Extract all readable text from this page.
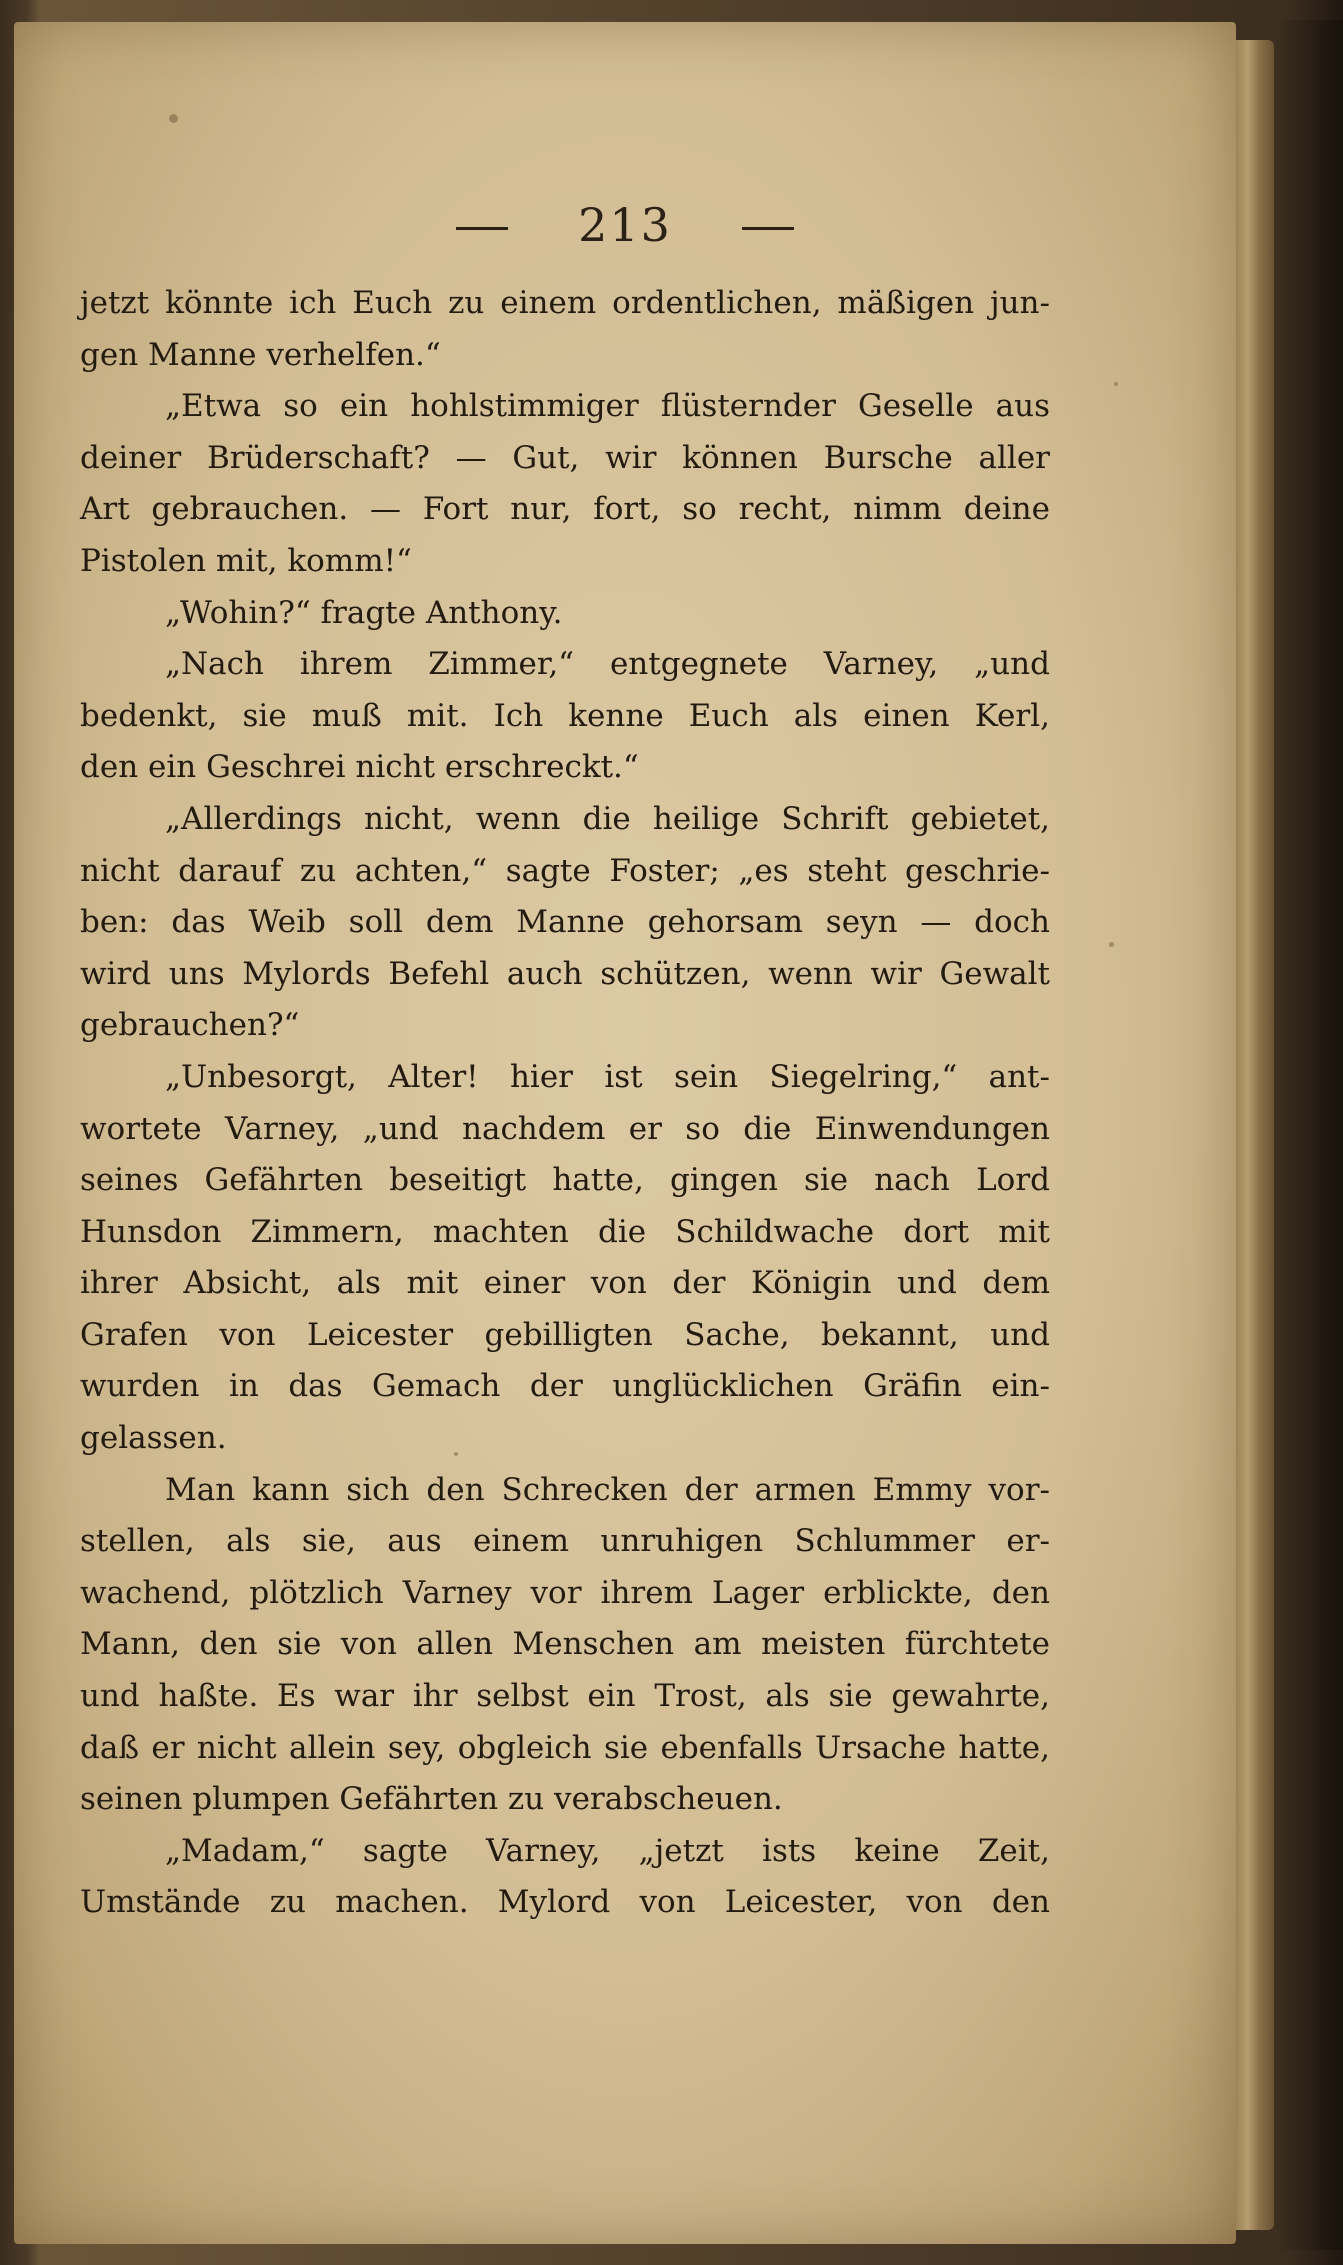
213
jetzt könnte ich Euch zu einem ordentlichen, mäßigen jun-
gen Manne verhelfen.“
„Etwa so ein hohlstimmiger flüsternder Geselle aus
deiner Brüderschaft? — Gut, wir können Bursche aller
Art gebrauchen. — Fort nur, fort, so recht, nimm deine
Pistolen mit, komm!“
„Wohin?“ fragte Anthony.
„Nach ihrem Zimmer,“ entgegnete Varney, „und
bedenkt, sie muß mit. Ich kenne Euch als einen Kerl,
den ein Geschrei nicht erschreckt.“
„Allerdings nicht, wenn die heilige Schrift gebietet,
nicht darauf zu achten,“ sagte Foster; „es steht geschrie-
ben: das Weib soll dem Manne gehorsam seyn — doch
wird uns Mylords Befehl auch schützen, wenn wir Gewalt
gebrauchen?“
„Unbesorgt, Alter! hier ist sein Siegelring,“ ant-
wortete Varney, „und nachdem er so die Einwendungen
seines Gefährten beseitigt hatte, gingen sie nach Lord
Hunsdon Zimmern, machten die Schildwache dort mit
ihrer Absicht, als mit einer von der Königin und dem
Grafen von Leicester gebilligten Sache, bekannt, und
wurden in das Gemach der unglücklichen Gräfin ein-
gelassen.
Man kann sich den Schrecken der armen Emmy vor-
stellen, als sie, aus einem unruhigen Schlummer er-
wachend, plötzlich Varney vor ihrem Lager erblickte, den
Mann, den sie von allen Menschen am meisten fürchtete
und haßte. Es war ihr selbst ein Trost, als sie gewahrte,
daß er nicht allein sey, obgleich sie ebenfalls Ursache hatte,
seinen plumpen Gefährten zu verabscheuen.
„Madam,“ sagte Varney, „jetzt ists keine Zeit,
Umstände zu machen. Mylord von Leicester, von den
